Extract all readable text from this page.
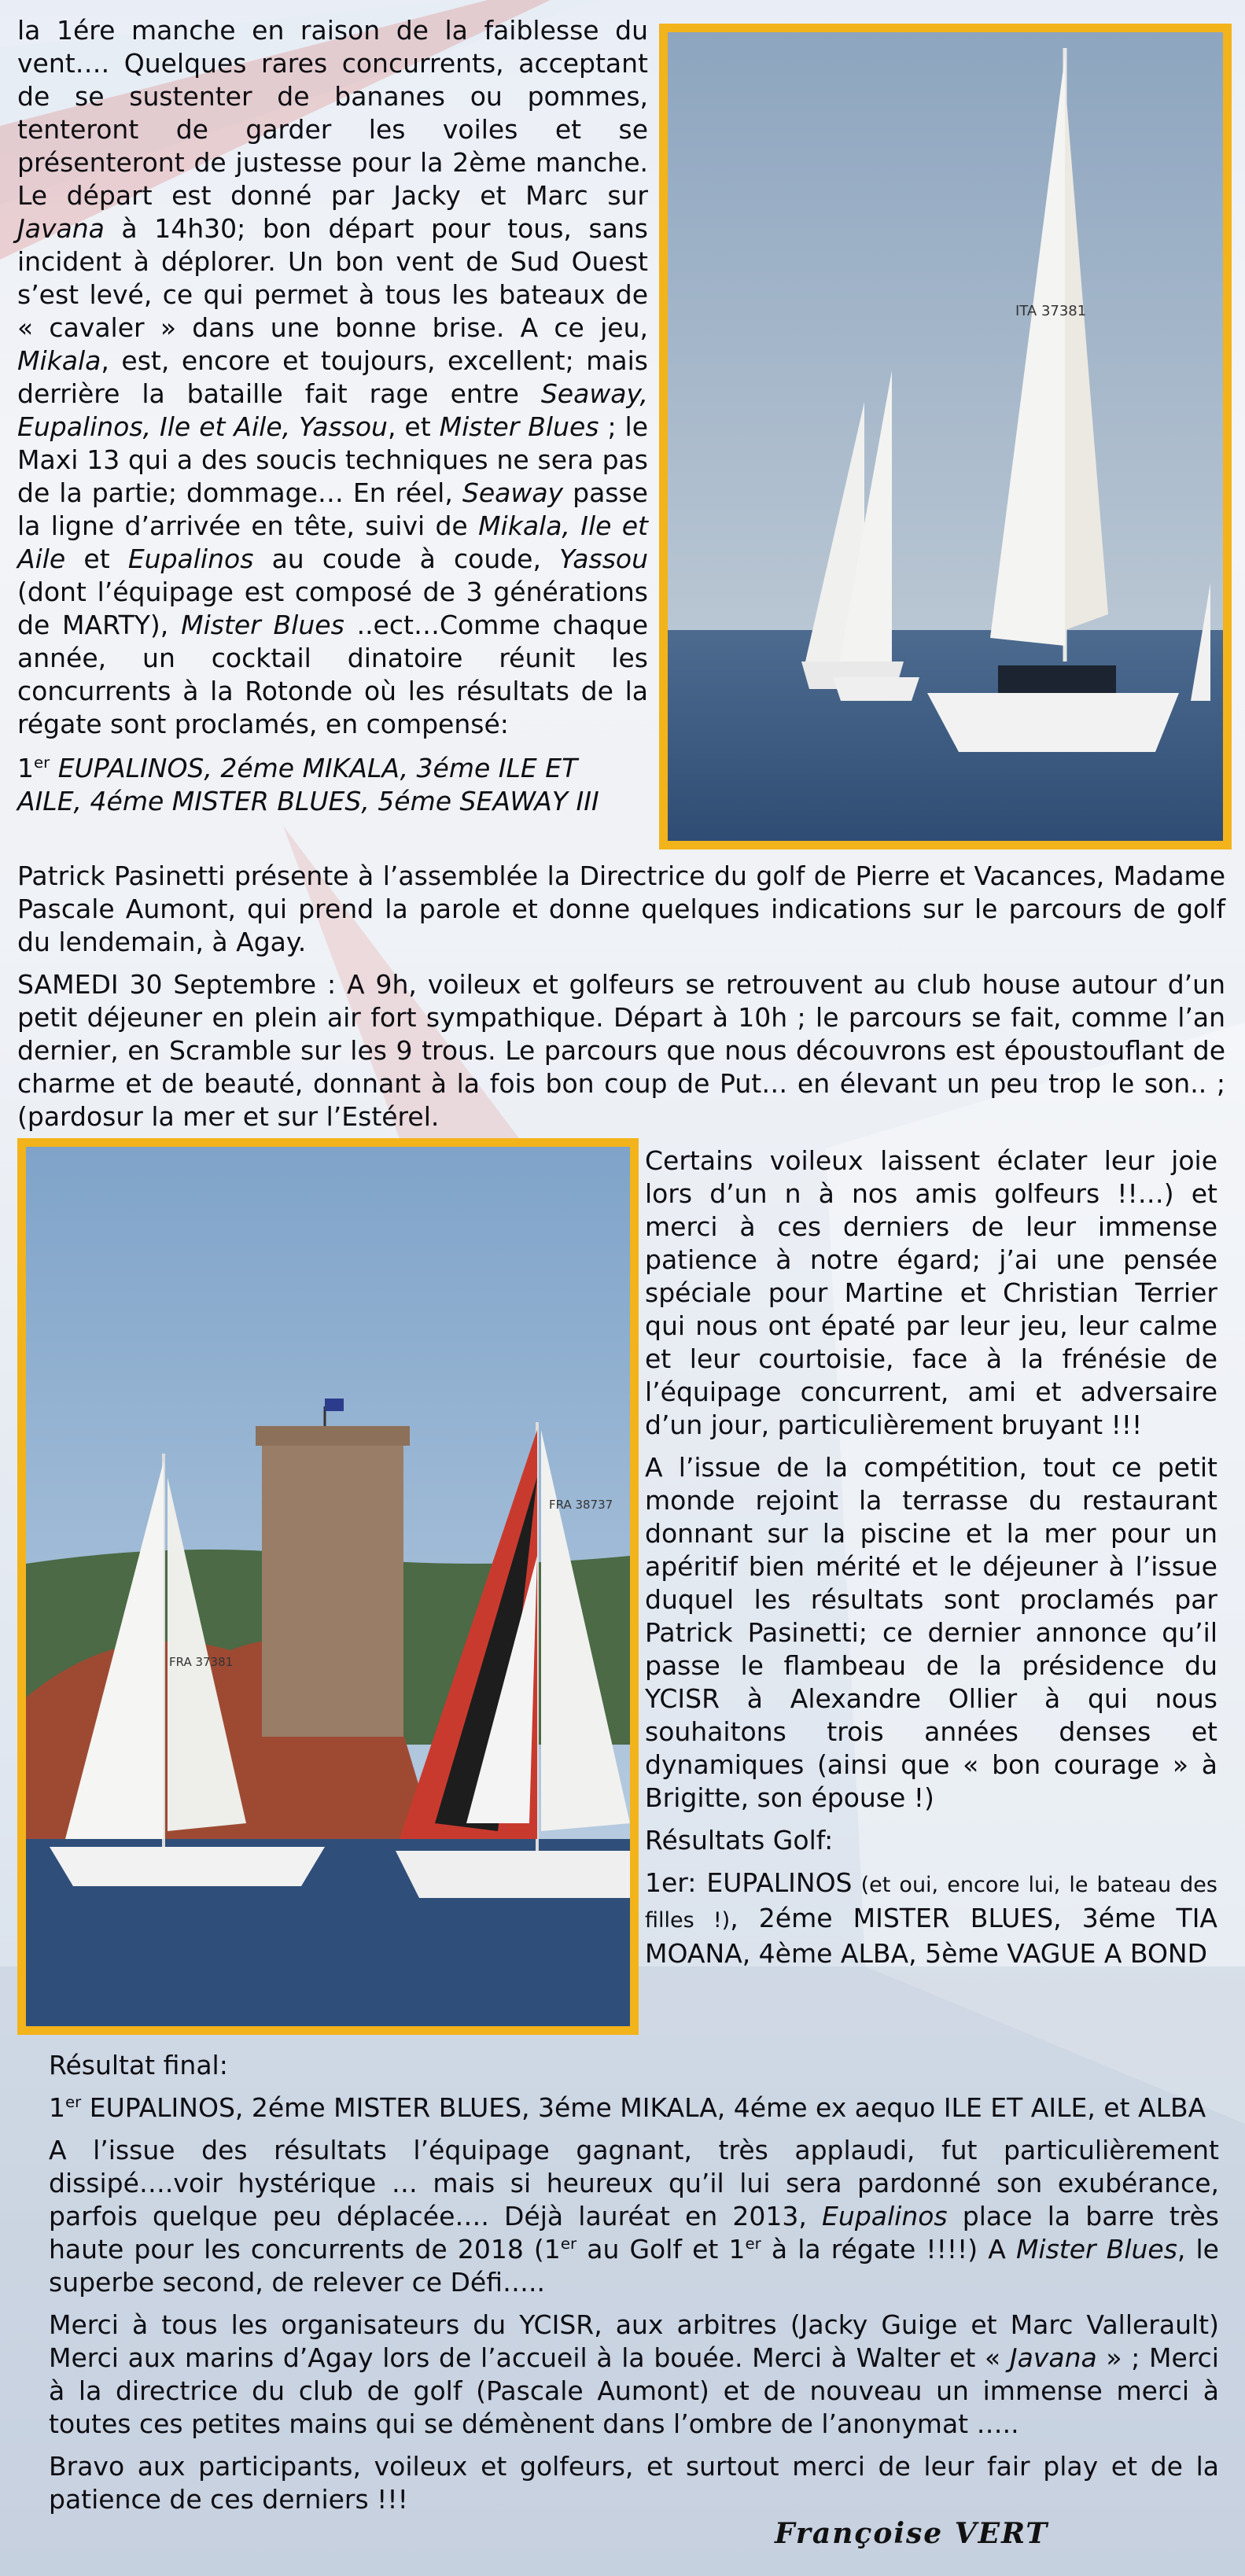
la 1ére manche en raison de la faiblesse du vent…. Quelques rares concurrents, acceptant de se sustenter de bananes ou pommes, tenteront de garder les voiles et se présenteront de justesse pour la 2ème manche. Le départ est donné par Jacky et Marc sur Javana à 14h30; bon départ pour tous, sans incident à déplorer. Un bon vent de Sud Ouest s’est levé, ce qui permet à tous les bateaux de « cavaler » dans une bonne brise. A ce jeu, Mikala, est, encore et toujours, excellent; mais derrière la bataille fait rage entre Seaway, Eupalinos, Ile et Aile, Yassou, et Mister Blues ; le Maxi 13 qui a des soucis techniques ne sera pas de la partie; dommage… En réel, Seaway passe la ligne d’arrivée en tête, suivi de Mikala, Ile et Aile et Eupalinos au coude à coude, Yassou (dont l’équipage est composé de 3 générations de MARTY), Mister Blues ..ect…Comme chaque année, un cocktail dinatoire réunit les concurrents à la Rotonde où les résultats de la régate sont proclamés, en compensé:

1er EUPALINOS, 2éme MIKALA, 3éme ILE ET AILE, 4éme MISTER BLUES, 5éme SEAWAY III

ITA 37381

Patrick Pasinetti présente à l’assemblée la Directrice du golf de Pierre et Vacances, Madame Pascale Aumont, qui prend la parole et donne quelques indications sur le parcours de golf du lendemain, à Agay.

SAMEDI 30 Septembre : A 9h, voileux et golfeurs se retrouvent au club house autour d’un petit déjeuner en plein air fort sympathique. Départ à 10h ; le parcours se fait, comme l’an dernier, en Scramble sur les 9 trous. Le parcours que nous découvrons est époustouflant de charme et de beauté, donnant à la fois bon coup de Put… en élevant un peu trop le son.. ;(pardosur la mer et sur l’Estérel.

FRA 37381
FRA 38737

Certains voileux laissent éclater leur joie lors d’un n à nos amis golfeurs !!…) et merci à ces derniers de leur immense patience à notre égard; j’ai une pensée spéciale pour Martine et Christian Terrier qui nous ont épaté par leur jeu, leur calme et leur courtoisie, face à la frénésie de l’équipage concurrent, ami et adversaire d’un jour, particulièrement bruyant !!!

A l’issue de la compétition, tout ce petit monde rejoint la terrasse du restaurant donnant sur la piscine et la mer pour un apéritif bien mérité et le déjeuner à l’issue duquel les résultats sont proclamés par Patrick Pasinetti; ce dernier annonce qu’il passe le flambeau de la présidence du YCISR à Alexandre Ollier à qui nous souhaitons trois années denses et dynamiques (ainsi que « bon courage » à Brigitte, son épouse !)

Résultats Golf:

1er: EUPALINOS (et oui, encore lui, le bateau des filles !), 2éme MISTER BLUES, 3éme TIA MOANA, 4ème ALBA, 5ème VAGUE A BOND

Résultat final:

1er EUPALINOS, 2éme MISTER BLUES, 3éme MIKALA, 4éme ex aequo ILE ET AILE, et ALBA

A l’issue des résultats l’équipage gagnant, très applaudi, fut particulièrement dissipé….voir hystérique … mais si heureux qu’il lui sera pardonné son exubérance, parfois quelque peu déplacée…. Déjà lauréat en 2013, Eupalinos place la barre très haute pour les concurrents de 2018 (1er au Golf et 1er à la régate !!!!) A Mister Blues, le superbe second, de relever ce Défi…..

Merci à tous les organisateurs du YCISR, aux arbitres (Jacky Guige et Marc Vallerault) Merci aux marins d’Agay lors de l’accueil à la bouée. Merci à Walter et « Javana » ; Merci à la directrice du club de golf (Pascale Aumont) et de nouveau un immense merci à toutes ces petites mains qui se démènent dans l’ombre de l’anonymat …..

Bravo aux participants, voileux et golfeurs, et surtout merci de leur fair play et de la patience de ces derniers !!!

Françoise VERT
